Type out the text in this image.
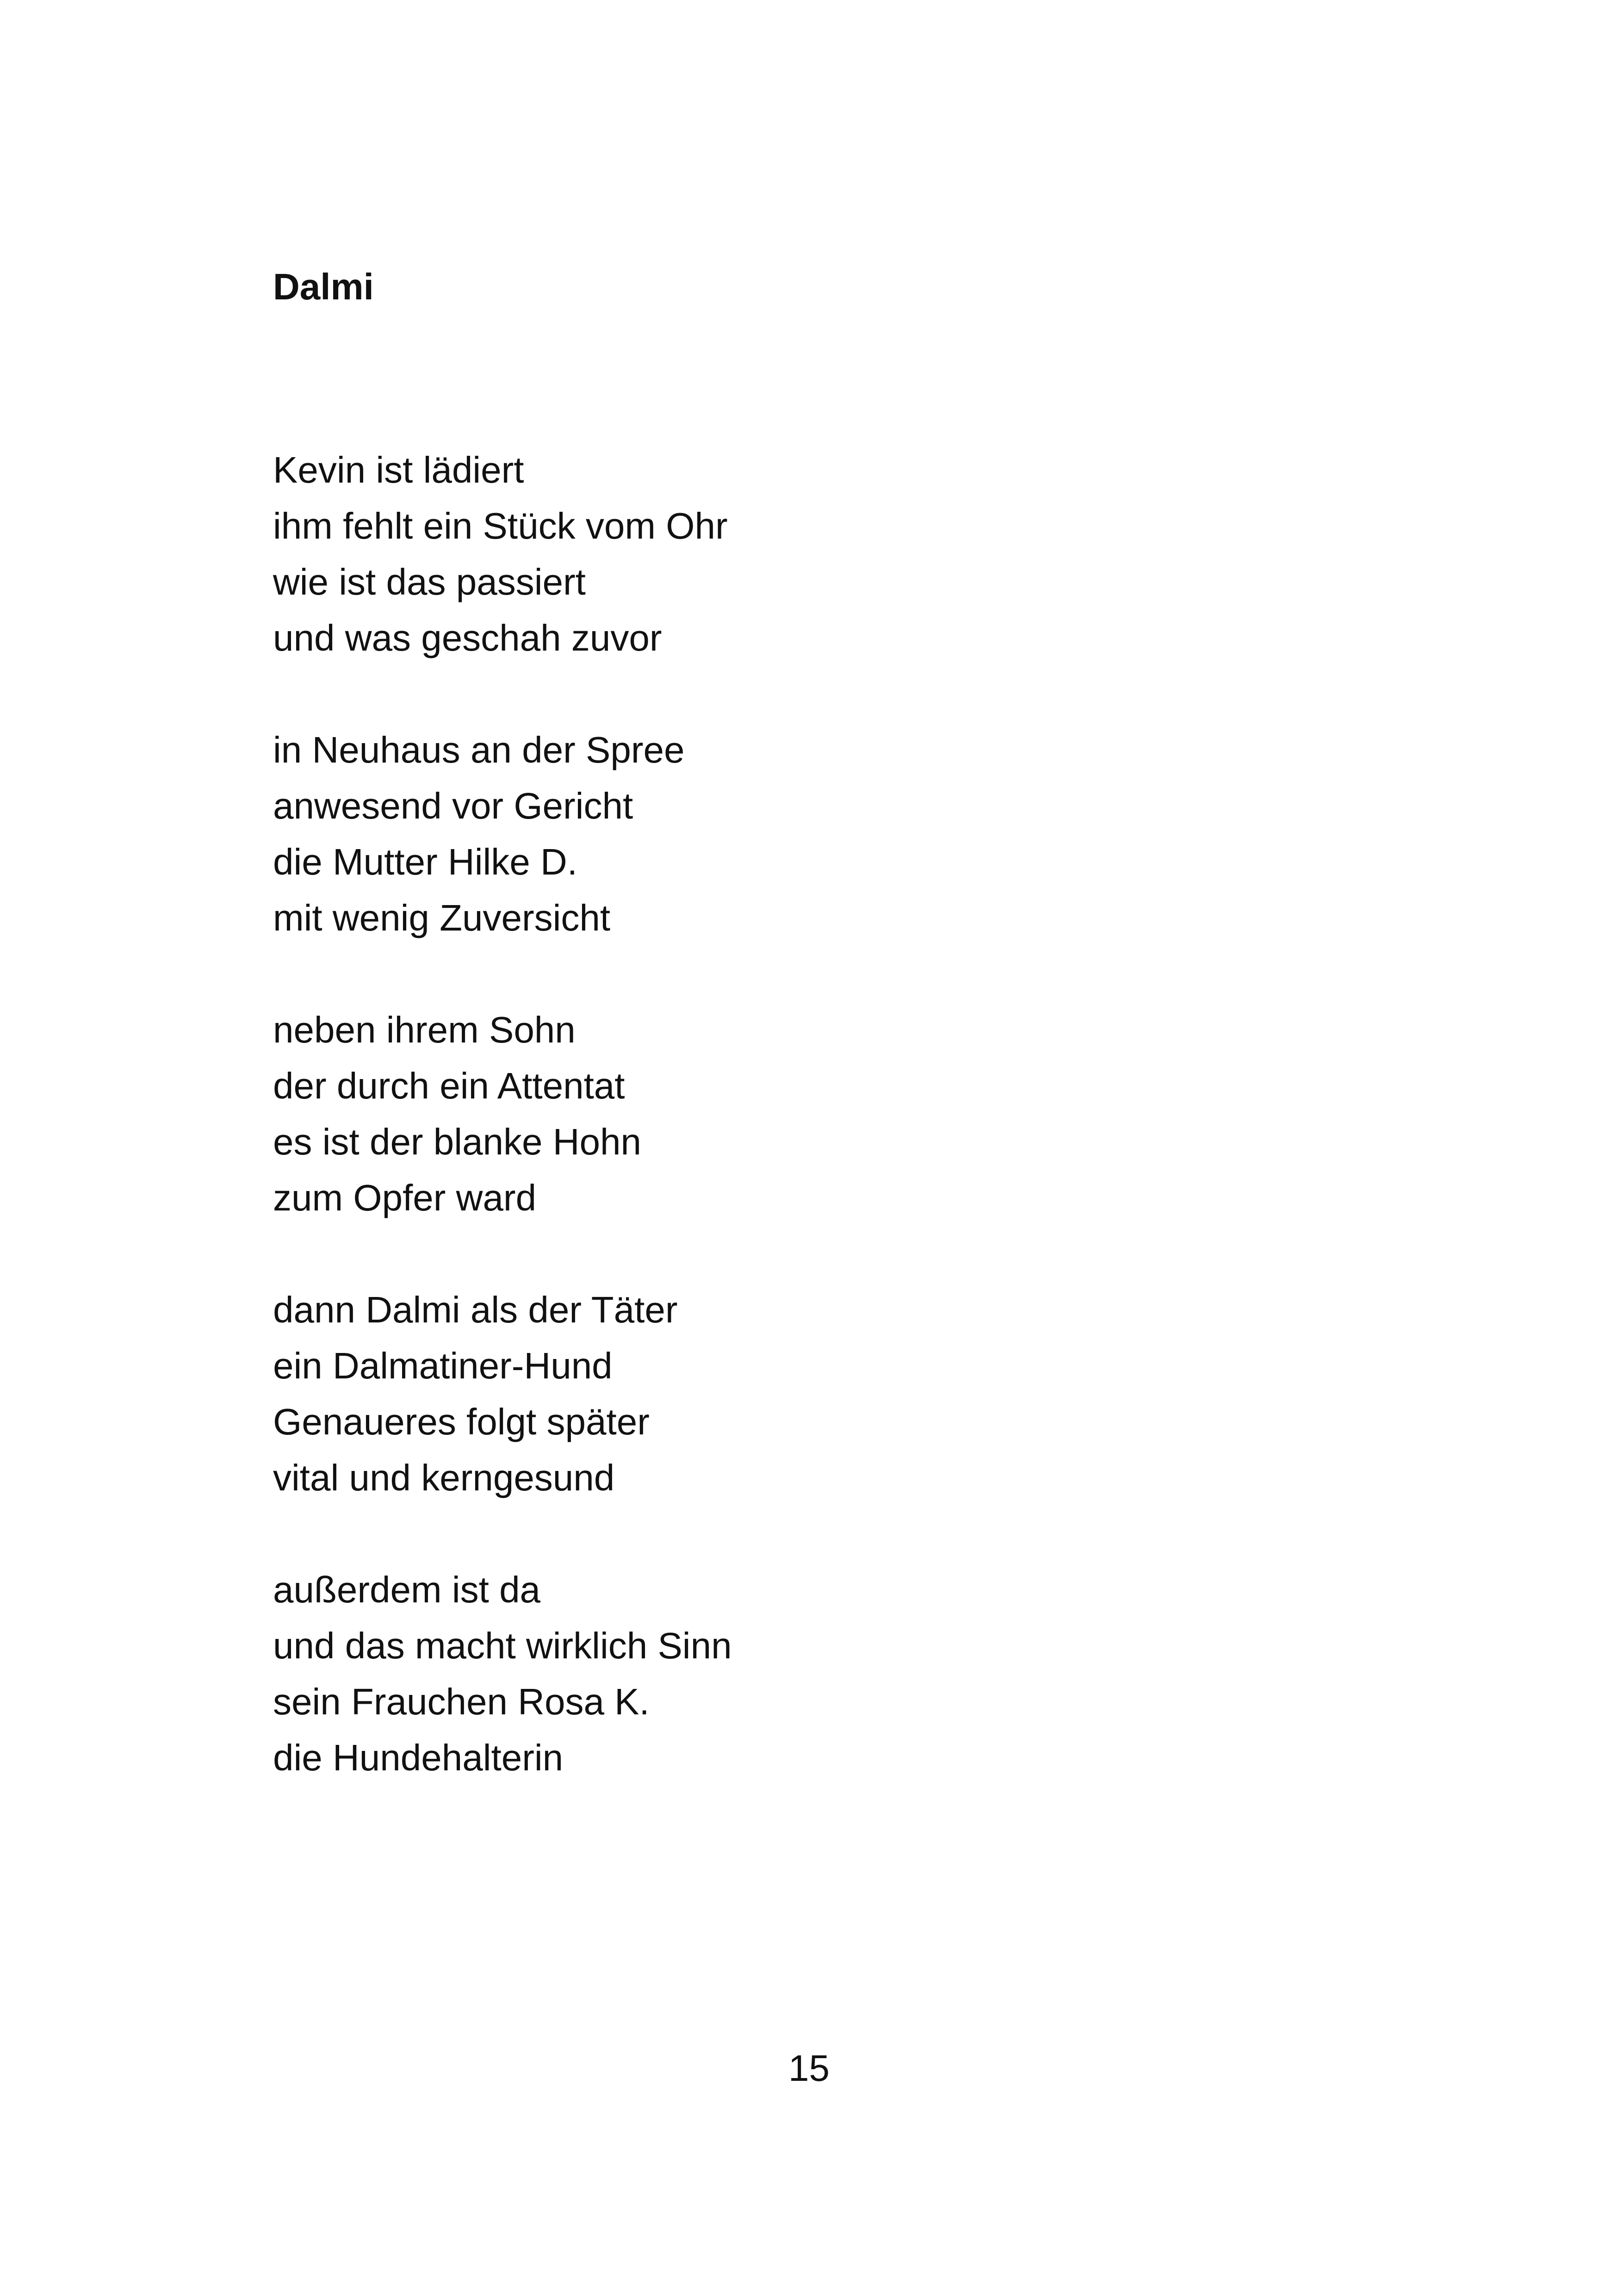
Dalmi
Kevin ist lädiert
ihm fehlt ein Stück vom Ohr
wie ist das passiert
und was geschah zuvor
in Neuhaus an der Spree
anwesend vor Gericht
die Mutter Hilke D.
mit wenig Zuversicht
neben ihrem Sohn
der durch ein Attentat
es ist der blanke Hohn
zum Opfer ward
dann Dalmi als der Täter
ein Dalmatiner-Hund
Genaueres folgt später
vital und kerngesund
außerdem ist da
und das macht wirklich Sinn
sein Frauchen Rosa K.
die Hundehalterin
15
